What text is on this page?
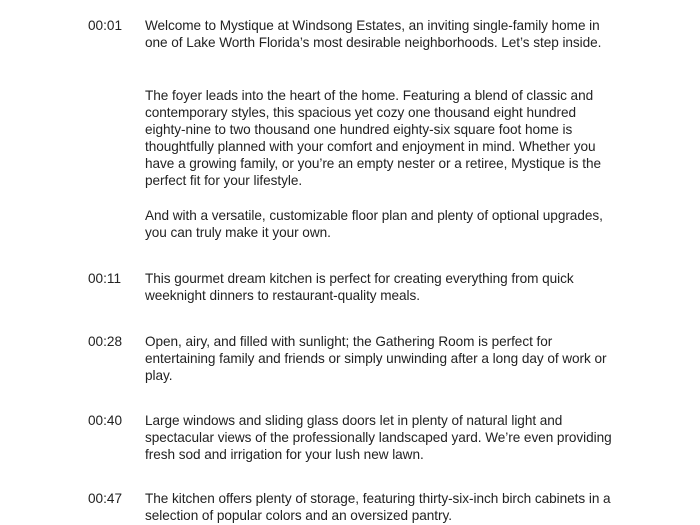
00:01	Welcome to Mystique at Windsong Estates, an inviting single-family home in one of Lake Worth Florida’s most desirable neighborhoods. Let’s step inside.
The foyer leads into the heart of the home. Featuring a blend of classic and contemporary styles, this spacious yet cozy one thousand eight hundred eighty-nine to two thousand one hundred eighty-six square foot home is thoughtfully planned with your comfort and enjoyment in mind. Whether you have a growing family, or you’re an empty nester or a retiree, Mystique is the perfect fit for your lifestyle.
And with a versatile, customizable floor plan and plenty of optional upgrades, you can truly make it your own.
00:11	This gourmet dream kitchen is perfect for creating everything from quick weeknight dinners to restaurant-quality meals.
00:28	Open, airy, and filled with sunlight; the Gathering Room is perfect for entertaining family and friends or simply unwinding after a long day of work or play.
00:40	Large windows and sliding glass doors let in plenty of natural light and spectacular views of the professionally landscaped yard. We’re even providing fresh sod and irrigation for your lush new lawn.
00:47	The kitchen offers plenty of storage, featuring thirty-six-inch birch cabinets in a selection of popular colors and an oversized pantry.
